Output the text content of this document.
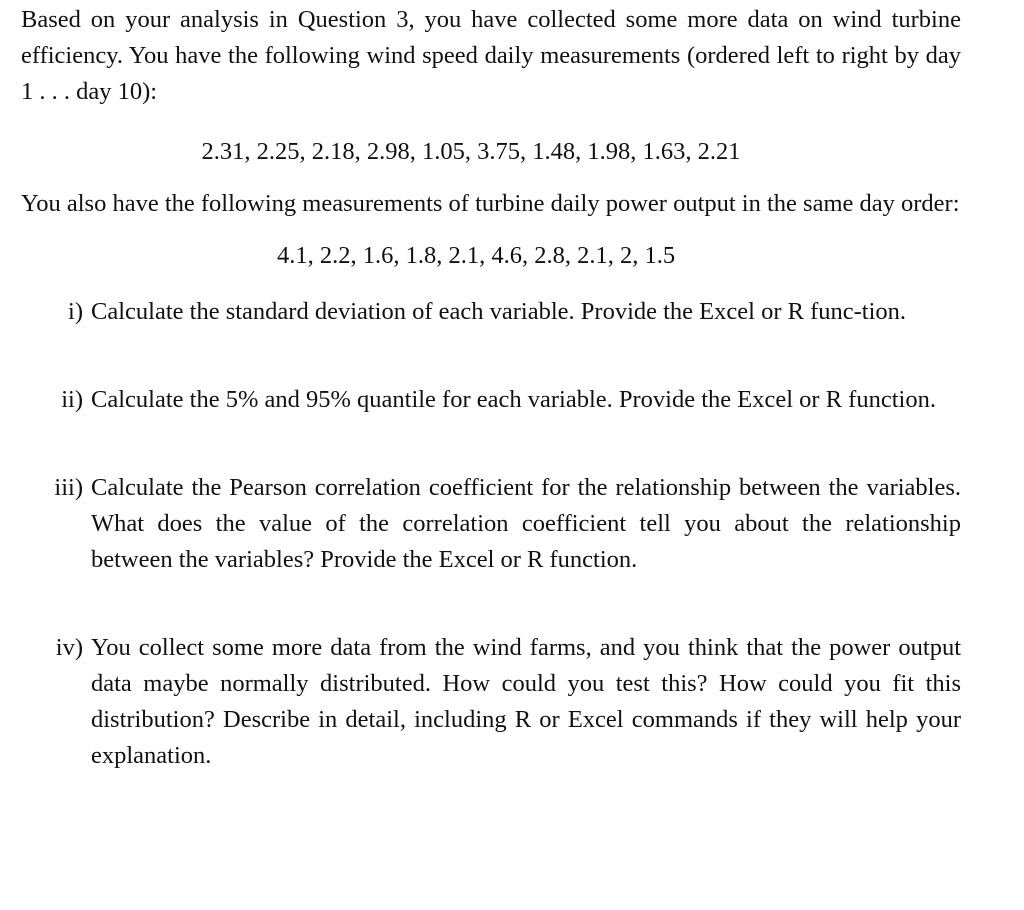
Based on your analysis in Question 3, you have collected some more data on wind turbine efficiency. You have the following wind speed daily measurements (ordered left to right by day 1 . . . day 10):

2.31, 2.25, 2.18, 2.98, 1.05, 3.75, 1.48, 1.98, 1.63, 2.21

You also have the following measurements of turbine daily power output in the same day order:

4.1, 2.2, 1.6, 1.8, 2.1, 4.6, 2.8, 2.1, 2, 1.5

i) Calculate the standard deviation of each variable. Provide the Excel or R func-tion.
ii) Calculate the 5% and 95% quantile for each variable. Provide the Excel or R function.
iii) Calculate the Pearson correlation coefficient for the relationship between the variables. What does the value of the correlation coefficient tell you about the relationship between the variables? Provide the Excel or R function.
iv) You collect some more data from the wind farms, and you think that the power output data maybe normally distributed. How could you test this? How could you fit this distribution? Describe in detail, including R or Excel commands if they will help your explanation.
